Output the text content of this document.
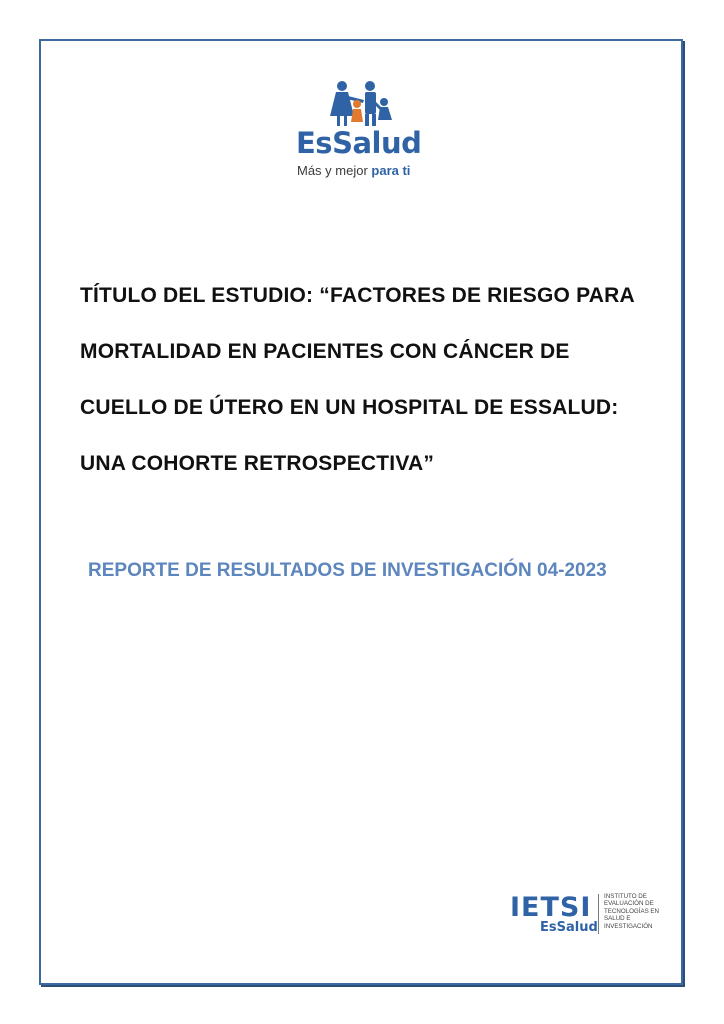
EsSalud
Más y mejor para ti
TÍTULO DEL ESTUDIO: “FACTORES DE RIESGO PARA
MORTALIDAD EN PACIENTES CON CÁNCER DE
CUELLO DE ÚTERO EN UN HOSPITAL DE ESSALUD:
UNA COHORTE RETROSPECTIVA”
REPORTE DE RESULTADOS DE INVESTIGACIÓN 04-2023
IETSI
EsSalud
INSTITUTO DE
EVALUACIÓN DE
TECNOLOGÍAS EN
SALUD E
INVESTIGACIÓN
